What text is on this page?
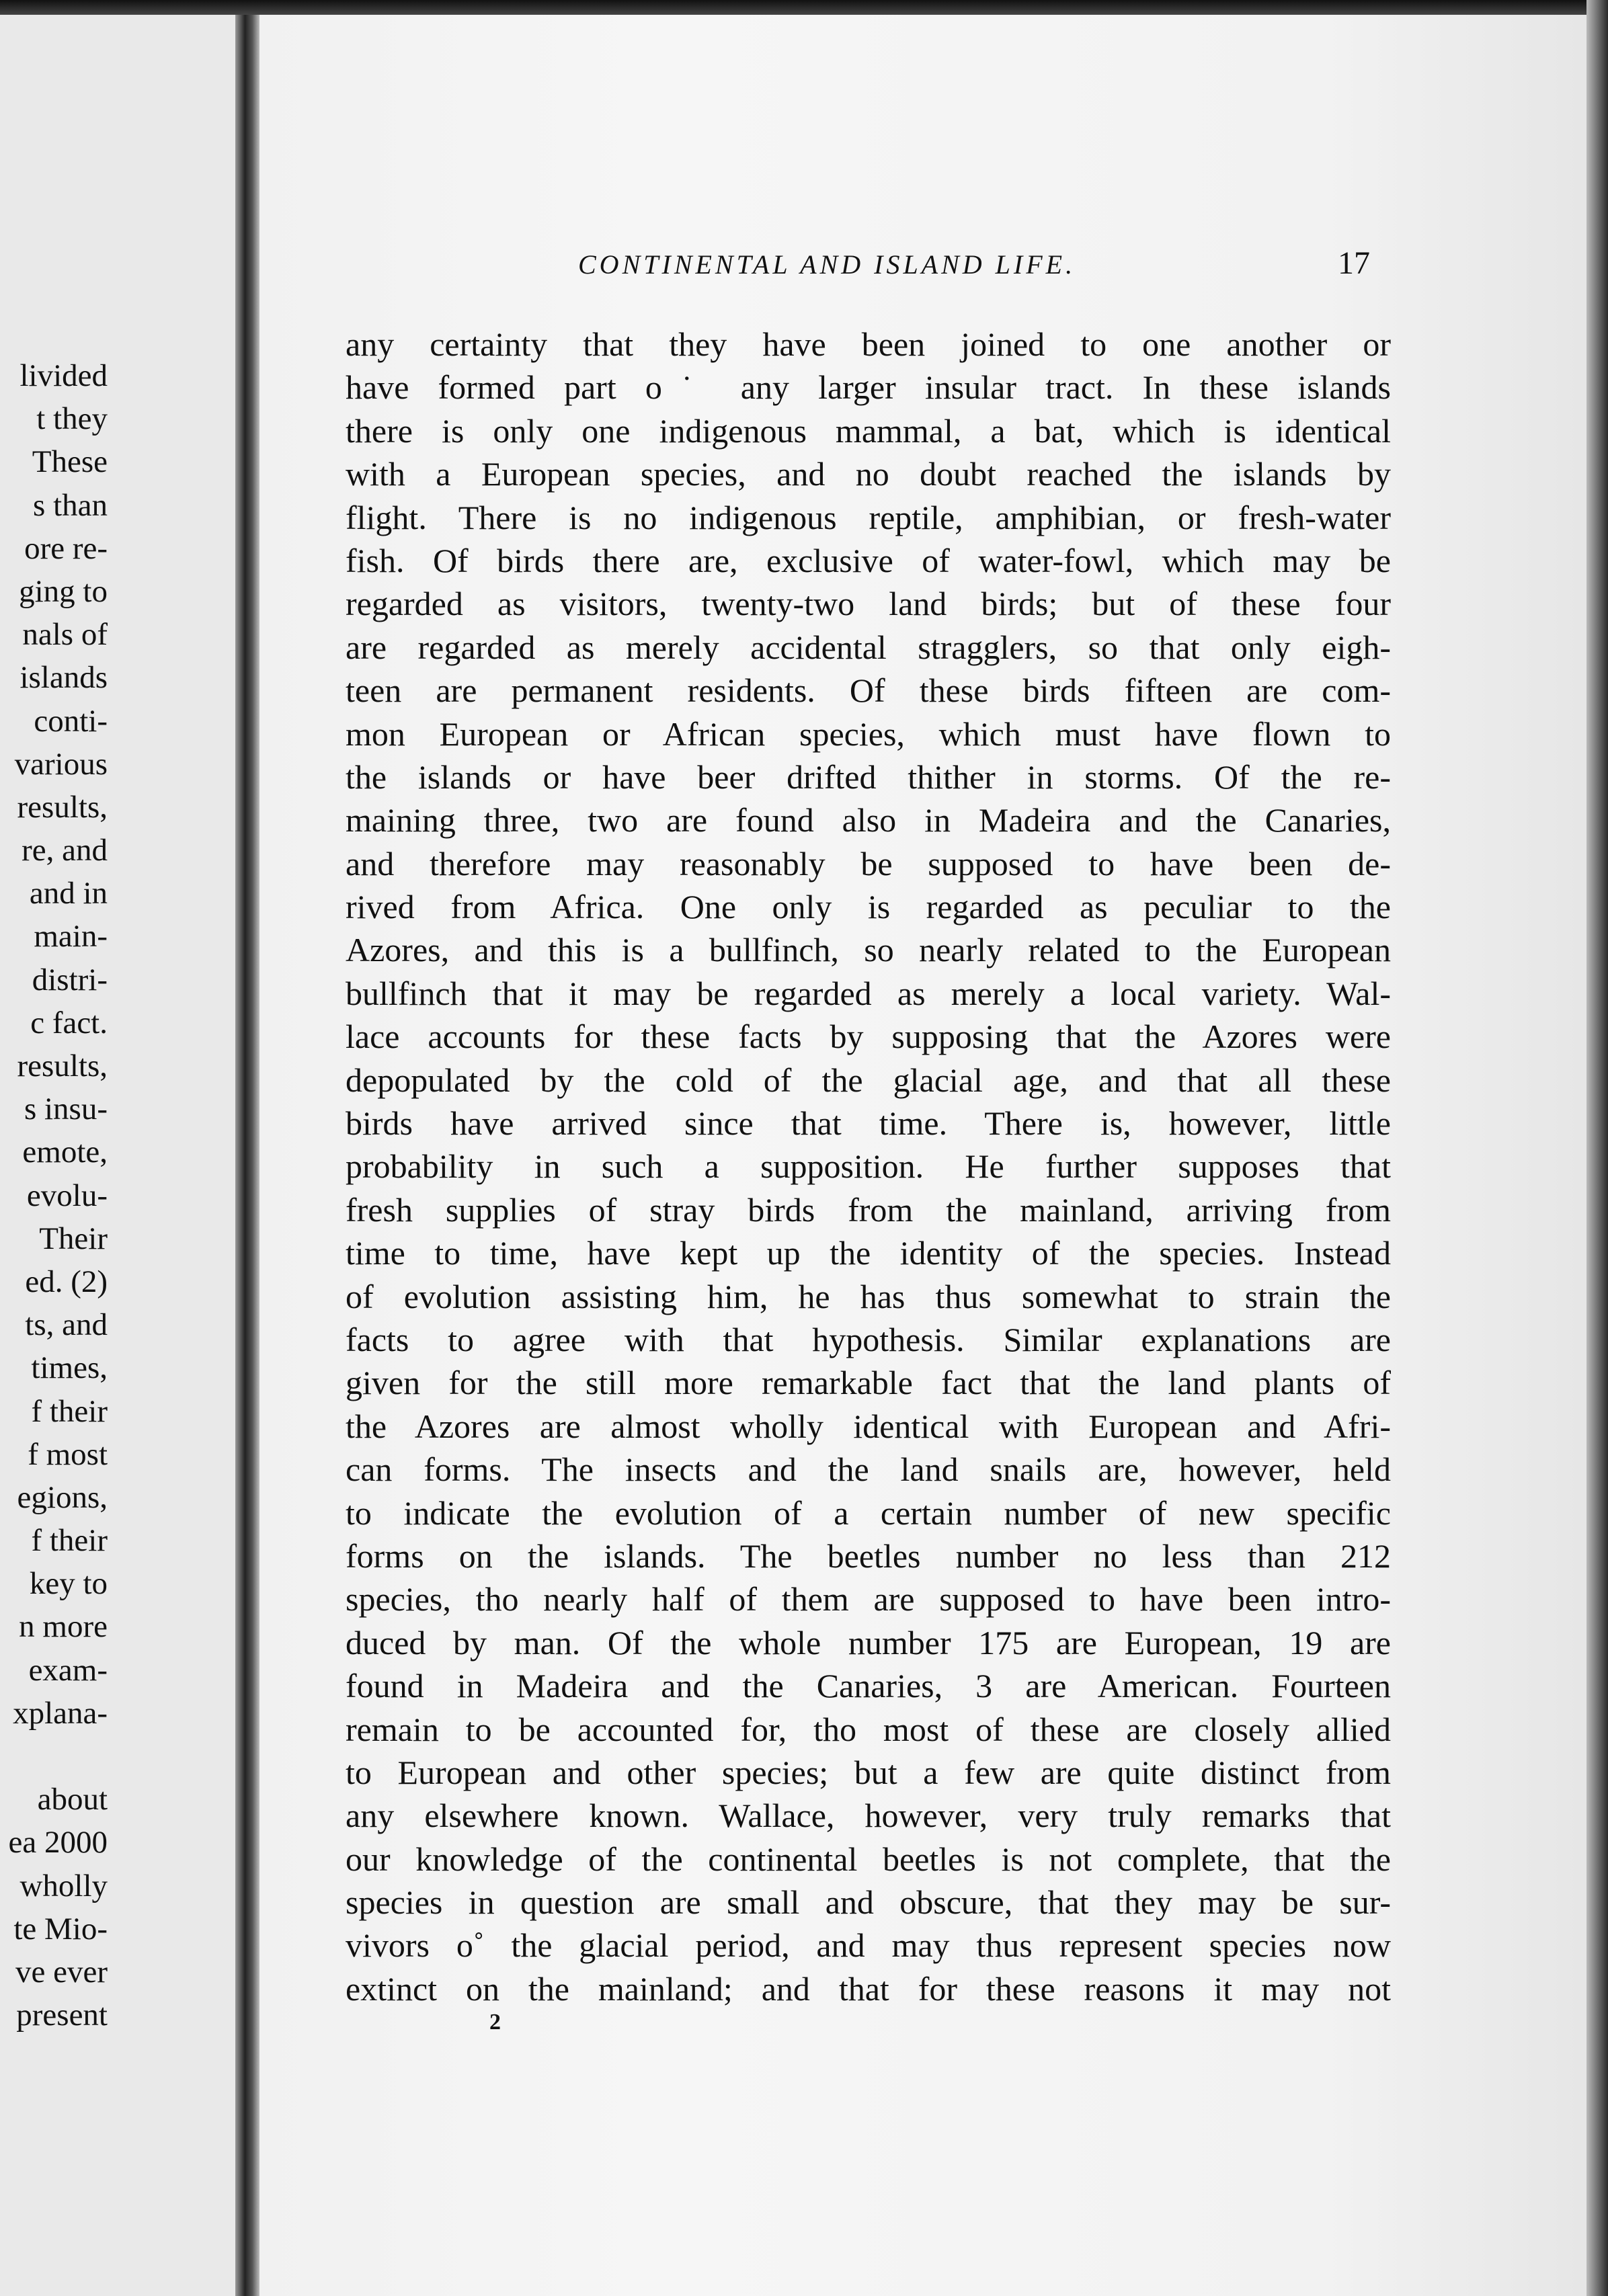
livided
t they
These
s than
ore re-
ging to
nals of
islands
conti-
various
results,
re, and
and in
main-
distri-
c fact.
results,
s insu-
emote,
evolu-
Their
ed. (2)
ts, and
times,
f their
f most
egions,
f their
key to
n more
exam-
xplana-
about
ea 2000
wholly
te Mio-
ve ever
present
CONTINENTAL AND ISLAND LIFE.	17
any certainty that they have been joined to one another or
have formed part o˙ any larger insular tract. In these islands
there is only one indigenous mammal, a bat, which is identical
with a European species, and no doubt reached the islands by
flight. There is no indigenous reptile, amphibian, or fresh-water
fish. Of birds there are, exclusive of water-fowl, which may be
regarded as visitors, twenty-two land birds; but of these four
are regarded as merely accidental stragglers, so that only eigh-
teen are permanent residents. Of these birds fifteen are com-
mon European or African species, which must have flown to
the islands or have beer drifted thither in storms. Of the re-
maining three, two are found also in Madeira and the Canaries,
and therefore may reasonably be supposed to have been de-
rived from Africa. One only is regarded as peculiar to the
Azores, and this is a bullfinch, so nearly related to the European
bullfinch that it may be regarded as merely a local variety. Wal-
lace accounts for these facts by supposing that the Azores were
depopulated by the cold of the glacial age, and that all these
birds have arrived since that time. There is, however, little
probability in such a supposition. He further supposes that
fresh supplies of stray birds from the mainland, arriving from
time to time, have kept up the identity of the species. Instead
of evolution assisting him, he has thus somewhat to strain the
facts to agree with that hypothesis. Similar explanations are
given for the still more remarkable fact that the land plants of
the Azores are almost wholly identical with European and Afri-
can forms. The insects and the land snails are, however, held
to indicate the evolution of a certain number of new specific
forms on the islands. The beetles number no less than 212
species, tho nearly half of them are supposed to have been intro-
duced by man. Of the whole number 175 are European, 19 are
found in Madeira and the Canaries, 3 are American. Fourteen
remain to be accounted for, tho most of these are closely allied
to European and other species; but a few are quite distinct from
any elsewhere known. Wallace, however, very truly remarks that
our knowledge of the continental beetles is not complete, that the
species in question are small and obscure, that they may be sur-
vivors o˚ the glacial period, and may thus represent species now
extinct on the mainland; and that for these reasons it may not
2
